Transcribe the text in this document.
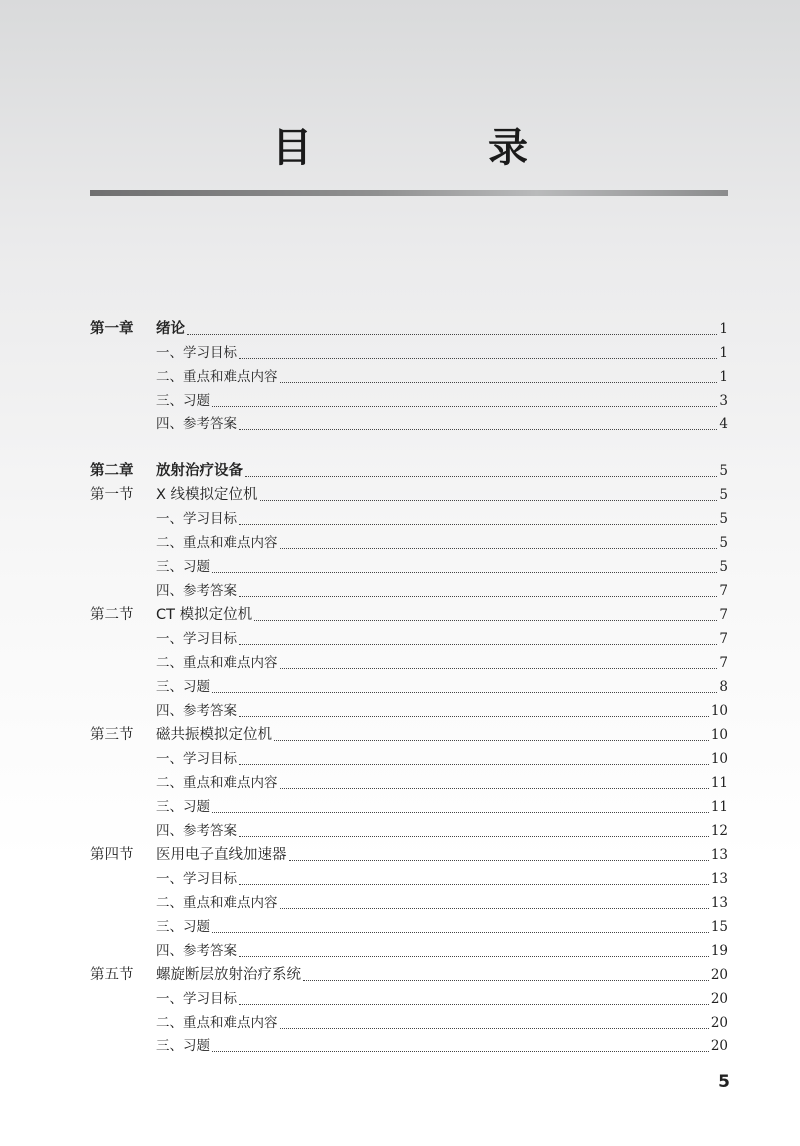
目　录
第一章 绪论	1
一、学习目标	1
二、重点和难点内容	1
三、习题	3
四、参考答案	4
第二章 放射治疗设备	5
第一节 X 线模拟定位机	5
一、学习目标	5
二、重点和难点内容	5
三、习题	5
四、参考答案	7
第二节 CT 模拟定位机	7
一、学习目标	7
二、重点和难点内容	7
三、习题	8
四、参考答案	10
第三节 磁共振模拟定位机	10
一、学习目标	10
二、重点和难点内容	11
三、习题	11
四、参考答案	12
第四节 医用电子直线加速器	13
一、学习目标	13
二、重点和难点内容	13
三、习题	15
四、参考答案	19
第五节 螺旋断层放射治疗系统	20
一、学习目标	20
二、重点和难点内容	20
三、习题	20
5
